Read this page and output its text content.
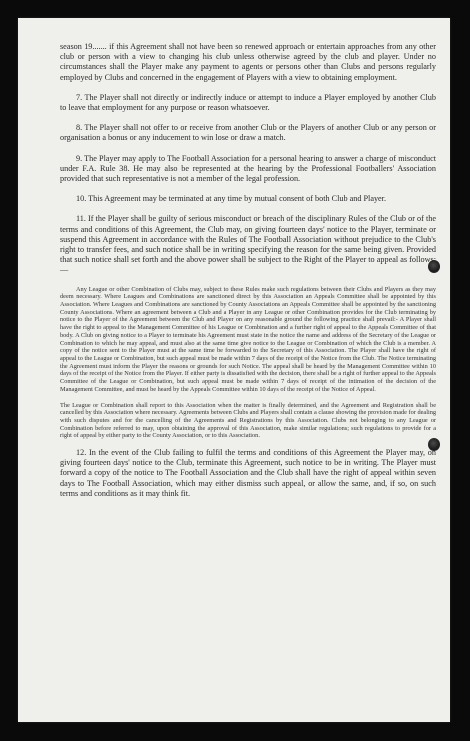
season 19....... if this Agreement shall not have been so renewed approach or entertain approaches from any other club or person with a view to changing his club unless otherwise agreed by the club and player. Under no circumstances shall the Player make any payment to agents or persons other than Clubs and persons regularly employed by Clubs and concerned in the engagement of Players with a view to obtaining employment.

7. The Player shall not directly or indirectly induce or attempt to induce a Player employed by another Club to leave that employment for any purpose or reason whatsoever.

8. The Player shall not offer to or receive from another Club or the Players of another Club or any person or organisation a bonus or any inducement to win lose or draw a match.

9. The Player may apply to The Football Association for a personal hearing to answer a charge of misconduct under F.A. Rule 38. He may also be represented at the hearing by the Professional Footballers' Association provided that such representative is not a member of the legal profession.

10. This Agreement may be terminated at any time by mutual consent of both Club and Player.

11. If the Player shall be guilty of serious misconduct or breach of the disciplinary Rules of the Club or of the terms and conditions of this Agreement, the Club may, on giving fourteen days' notice to the Player, terminate or suspend this Agreement in accordance with the Rules of The Football Association without prejudice to the Club's right to transfer fees, and such notice shall be in writing specifying the reason for the same being given. Provided that such notice shall set forth and the above power shall be subject to the Right of the Player to appeal as follows:—

Any League or other Combination of Clubs may, subject to these Rules make such regulations between their Clubs and Players as they may deem necessary. Where Leagues and Combinations are sanctioned direct by this Association an Appeals Committee shall be appointed by this Association. Where Leagues and Combinations are sanctioned by County Associations an Appeals Committee shall be appointed by the sanctioning County Associations. Where an agreement between a Club and a Player in any League or other Combination provides for the Club terminating by notice to the Player of the Agreement between the Club and Player on any reasonable ground the following practice shall prevail:- A Player shall have the right to appeal to the Management Committee of his League or Combination and a further right of appeal to the Appeals Committee of that body. A Club on giving notice to a Player to terminate his Agreement must state in the notice the name and address of the Secretary of the League or Combination to which he may appeal, and must also at the same time give notice to the League or Combination of which the Club is a member. A copy of the notice sent to the Player must at the same time be forwarded to the Secretary of this Association. The Player shall have the right of appeal to the League or Combination, but such appeal must be made within 7 days of the receipt of the Notice from the Club. The Notice terminating the Agreement must inform the Player the reasons or grounds for such Notice. The appeal shall be heard by the Management Committee within 10 days of the receipt of the Notice from the Player. If either party is dissatisfied with the decision, there shall be a right of further appeal to the Appeals Committee of the League or Combination, but such appeal must be made within 7 days of receipt of the intimation of the decision of the Management Committee, and must be heard by the Appeals Committee within 10 days of the receipt of the Notice of Appeal.

The League or Combination shall report to this Association when the matter is finally determined, and the Agreement and Registration shall be cancelled by this Association where necessary. Agreements between Clubs and Players shall contain a clause showing the provision made for dealing with such disputes and for the cancelling of the Agreements and Registrations by this Association. Clubs not belonging to any League or Combination before referred to may, upon obtaining the approval of this Association, make similar regulations; such regulations to provide for a right of appeal by either party to the County Association, or to this Association.

12. In the event of the Club failing to fulfil the terms and conditions of this Agreement the Player may, on giving fourteen days' notice to the Club, terminate this Agreement, such notice to be in writing. The Player must forward a copy of the notice to The Football Association and the Club shall have the right of appeal within seven days to The Football Association, which may either dismiss such appeal, or allow the same, and, if so, on such terms and conditions as it may think fit.
